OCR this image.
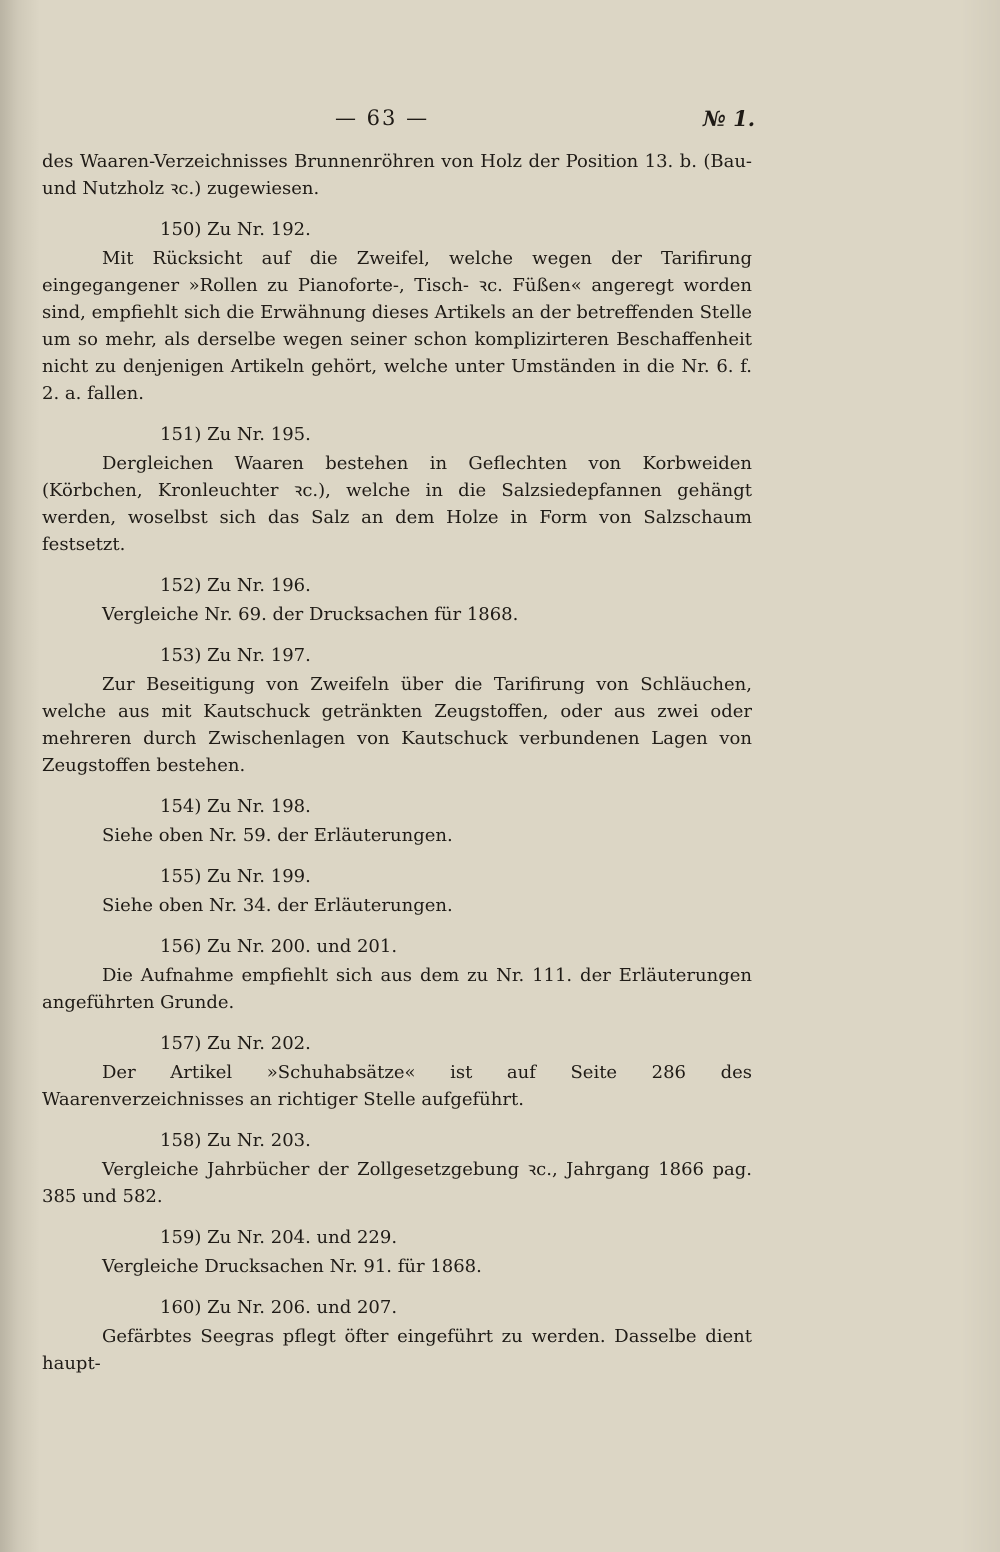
— 63 —	№ 1.

des Waaren-Verzeichnisses Brunnenröhren von Holz der Position 13. b. (Bau- und Nutzholz ꝛc.) zugewiesen.

150) Zu Nr. 192.

Mit Rücksicht auf die Zweifel, welche wegen der Tarifirung eingegangener »Rollen zu Pianoforte-, Tisch- ꝛc. Füßen« angeregt worden sind, empfiehlt sich die Erwähnung dieses Artikels an der betreffenden Stelle um so mehr, als derselbe wegen seiner schon komplizirteren Beschaffenheit nicht zu denjenigen Artikeln gehört, welche unter Umständen in die Nr. 6. f. 2. a. fallen.

151) Zu Nr. 195.

Dergleichen Waaren bestehen in Geflechten von Korbweiden (Körbchen, Kronleuchter ꝛc.), welche in die Salzsiedepfannen gehängt werden, woselbst sich das Salz an dem Holze in Form von Salzschaum festsetzt.

152) Zu Nr. 196.

Vergleiche Nr. 69. der Drucksachen für 1868.

153) Zu Nr. 197.

Zur Beseitigung von Zweifeln über die Tarifirung von Schläuchen, welche aus mit Kautschuck getränkten Zeugstoffen, oder aus zwei oder mehreren durch Zwischenlagen von Kautschuck verbundenen Lagen von Zeugstoffen bestehen.

154) Zu Nr. 198.

Siehe oben Nr. 59. der Erläuterungen.

155) Zu Nr. 199.

Siehe oben Nr. 34. der Erläuterungen.

156) Zu Nr. 200. und 201.

Die Aufnahme empfiehlt sich aus dem zu Nr. 111. der Erläuterungen angeführten Grunde.

157) Zu Nr. 202.

Der Artikel »Schuhabsätze« ist auf Seite 286 des Waarenverzeichnisses an richtiger Stelle aufgeführt.

158) Zu Nr. 203.

Vergleiche Jahrbücher der Zollgesetzgebung ꝛc., Jahrgang 1866 pag. 385 und 582.

159) Zu Nr. 204. und 229.

Vergleiche Drucksachen Nr. 91. für 1868.

160) Zu Nr. 206. und 207.

Gefärbtes Seegras pflegt öfter eingeführt zu werden. Dasselbe dient haupt-
